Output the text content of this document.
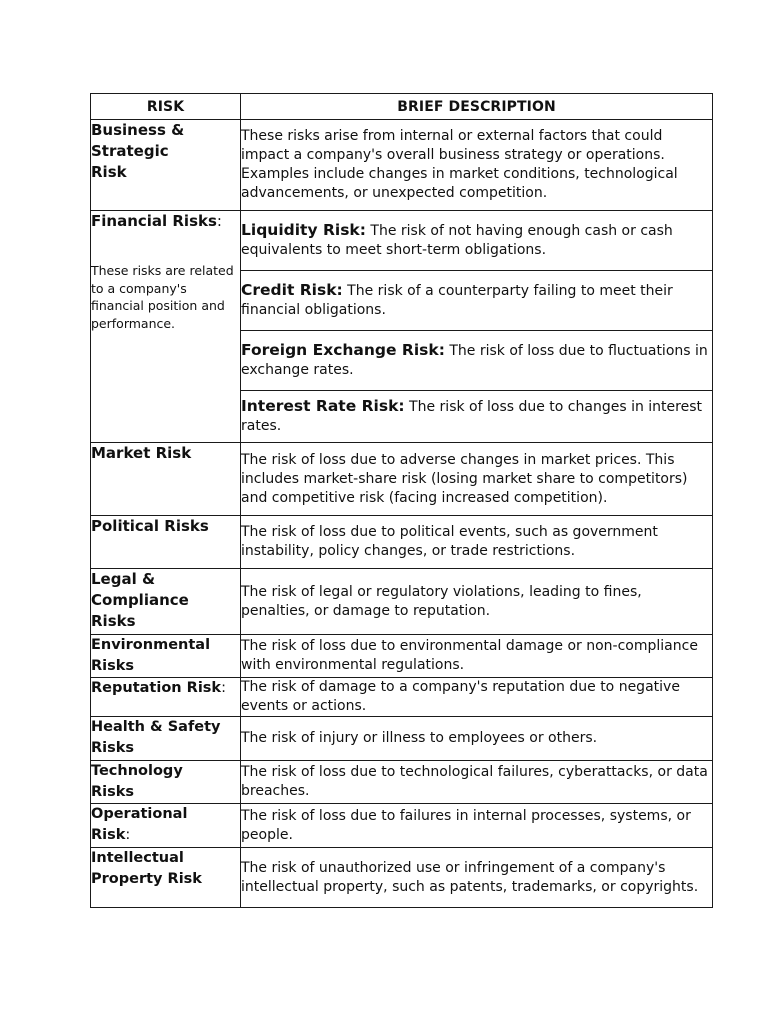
RISK	BRIEF DESCRIPTION

Business & Strategic Risk	These risks arise from internal or external factors that could impact a company's overall business strategy or operations. Examples include changes in market conditions, technological advancements, or unexpected competition.

Financial Risks:
These risks are related to a company's financial position and performance.	Liquidity Risk: The risk of not having enough cash or cash equivalents to meet short-term obligations.
	Credit Risk: The risk of a counterparty failing to meet their financial obligations.
	Foreign Exchange Risk: The risk of loss due to fluctuations in exchange rates.
	Interest Rate Risk: The risk of loss due to changes in interest rates.

Market Risk	The risk of loss due to adverse changes in market prices. This includes market-share risk (losing market share to competitors) and competitive risk (facing increased competition).

Political Risks	The risk of loss due to political events, such as government instability, policy changes, or trade restrictions.

Legal & Compliance Risks	The risk of legal or regulatory violations, leading to fines, penalties, or damage to reputation.

Environmental Risks	The risk of loss due to environmental damage or non-compliance with environmental regulations.

Reputation Risk:	The risk of damage to a company's reputation due to negative events or actions.

Health & Safety Risks	The risk of injury or illness to employees or others.

Technology Risks	The risk of loss due to technological failures, cyberattacks, or data breaches.

Operational Risk:	The risk of loss due to failures in internal processes, systems, or people.

Intellectual Property Risk	The risk of unauthorized use or infringement of a company's intellectual property, such as patents, trademarks, or copyrights.
